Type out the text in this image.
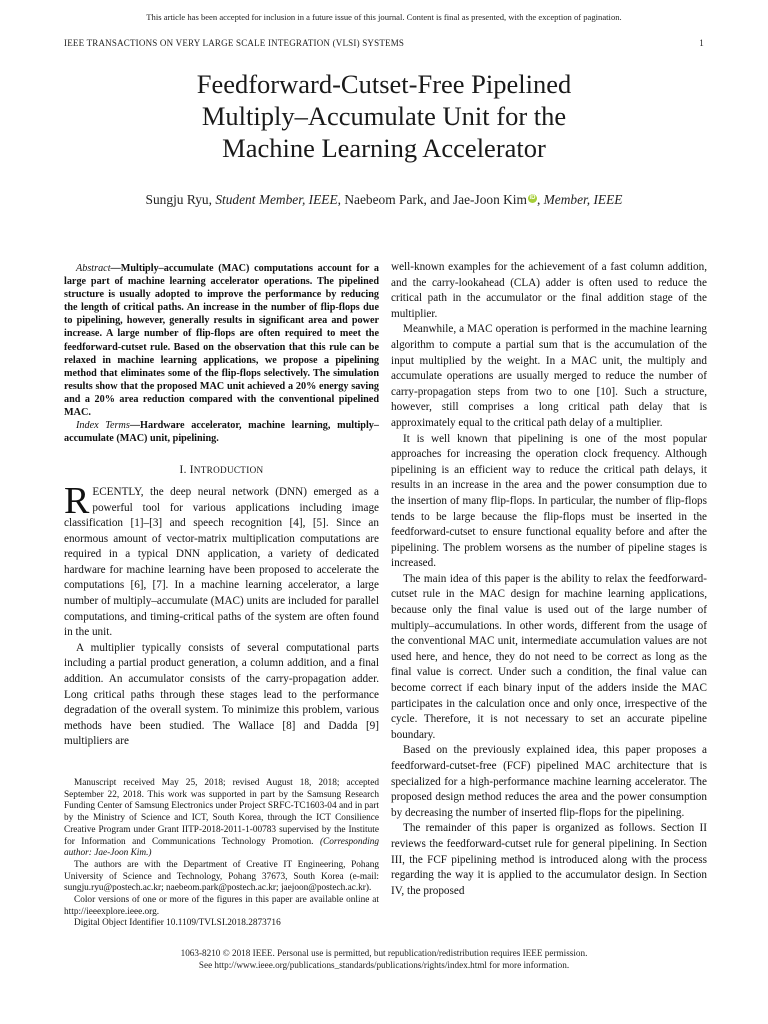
This article has been accepted for inclusion in a future issue of this journal. Content is final as presented, with the exception of pagination.
IEEE TRANSACTIONS ON VERY LARGE SCALE INTEGRATION (VLSI) SYSTEMS	1
Feedforward-Cutset-Free Pipelined
Multiply–Accumulate Unit for the
Machine Learning Accelerator
Sungju Ryu, Student Member, IEEE, Naebeom Park, and Jae-Joon Kim iD , Member, IEEE

Abstract—Multiply–accumulate (MAC) computations account for a large part of machine learning accelerator operations. The pipelined structure is usually adopted to improve the performance by reducing the length of critical paths. An increase in the number of flip-flops due to pipelining, however, generally results in significant area and power increase. A large number of flip-flops are often required to meet the feedforward-cutset rule. Based on the observation that this rule can be relaxed in machine learning applications, we propose a pipelining method that eliminates some of the flip-flops selectively. The simulation results show that the proposed MAC unit achieved a 20% energy saving and a 20% area reduction compared with the conventional pipelined MAC.

Index Terms—Hardware accelerator, machine learning, multiply–accumulate (MAC) unit, pipelining.

I. INTRODUCTION

RECENTLY, the deep neural network (DNN) emerged as a powerful tool for various applications including image classification [1]–[3] and speech recognition [4], [5]. Since an enormous amount of vector-matrix multiplication computations are required in a typical DNN application, a variety of dedicated hardware for machine learning have been proposed to accelerate the computations [6], [7]. In a machine learning accelerator, a large number of multiply–accumulate (MAC) units are included for parallel computations, and timing-critical paths of the system are often found in the unit.

A multiplier typically consists of several computational parts including a partial product generation, a column addition, and a final addition. An accumulator consists of the carry-propagation adder. Long critical paths through these stages lead to the performance degradation of the overall system. To minimize this problem, various methods have been studied. The Wallace [8] and Dadda [9] multipliers are

Manuscript received May 25, 2018; revised August 18, 2018; accepted September 22, 2018. This work was supported in part by the Samsung Research Funding Center of Samsung Electronics under Project SRFC-TC1603-04 and in part by the Ministry of Science and ICT, South Korea, through the ICT Consilience Creative Program under Grant IITP-2018-2011-1-00783 supervised by the Institute for Information and Communications Technology Promotion. (Corresponding author: Jae-Joon Kim.)

The authors are with the Department of Creative IT Engineering, Pohang University of Science and Technology, Pohang 37673, South Korea (e-mail: sungju.ryu@postech.ac.kr; naebeom.park@postech.ac.kr; jaejoon@postech.ac.kr).

Color versions of one or more of the figures in this paper are available online at http://ieeexplore.ieee.org.

Digital Object Identifier 10.1109/TVLSI.2018.2873716

well-known examples for the achievement of a fast column addition, and the carry-lookahead (CLA) adder is often used to reduce the critical path in the accumulator or the final addition stage of the multiplier.

Meanwhile, a MAC operation is performed in the machine learning algorithm to compute a partial sum that is the accumulation of the input multiplied by the weight. In a MAC unit, the multiply and accumulate operations are usually merged to reduce the number of carry-propagation steps from two to one [10]. Such a structure, however, still comprises a long critical path delay that is approximately equal to the critical path delay of a multiplier.

It is well known that pipelining is one of the most popular approaches for increasing the operation clock frequency. Although pipelining is an efficient way to reduce the critical path delays, it results in an increase in the area and the power consumption due to the insertion of many flip-flops. In particular, the number of flip-flops tends to be large because the flip-flops must be inserted in the feedforward-cutset to ensure functional equality before and after the pipelining. The problem worsens as the number of pipeline stages is increased.

The main idea of this paper is the ability to relax the feedforward-cutset rule in the MAC design for machine learning applications, because only the final value is used out of the large number of multiply–accumulations. In other words, different from the usage of the conventional MAC unit, intermediate accumulation values are not used here, and hence, they do not need to be correct as long as the final value is correct. Under such a condition, the final value can become correct if each binary input of the adders inside the MAC participates in the calculation once and only once, irrespective of the cycle. Therefore, it is not necessary to set an accurate pipeline boundary.

Based on the previously explained idea, this paper proposes a feedforward-cutset-free (FCF) pipelined MAC architecture that is specialized for a high-performance machine learning accelerator. The proposed design method reduces the area and the power consumption by decreasing the number of inserted flip-flops for the pipelining.

The remainder of this paper is organized as follows. Section II reviews the feedforward-cutset rule for general pipelining. In Section III, the FCF pipelining method is introduced along with the process regarding the way it is applied to the accumulator design. In Section IV, the proposed

1063-8210 © 2018 IEEE. Personal use is permitted, but republication/redistribution requires IEEE permission.
See http://www.ieee.org/publications_standards/publications/rights/index.html for more information.
